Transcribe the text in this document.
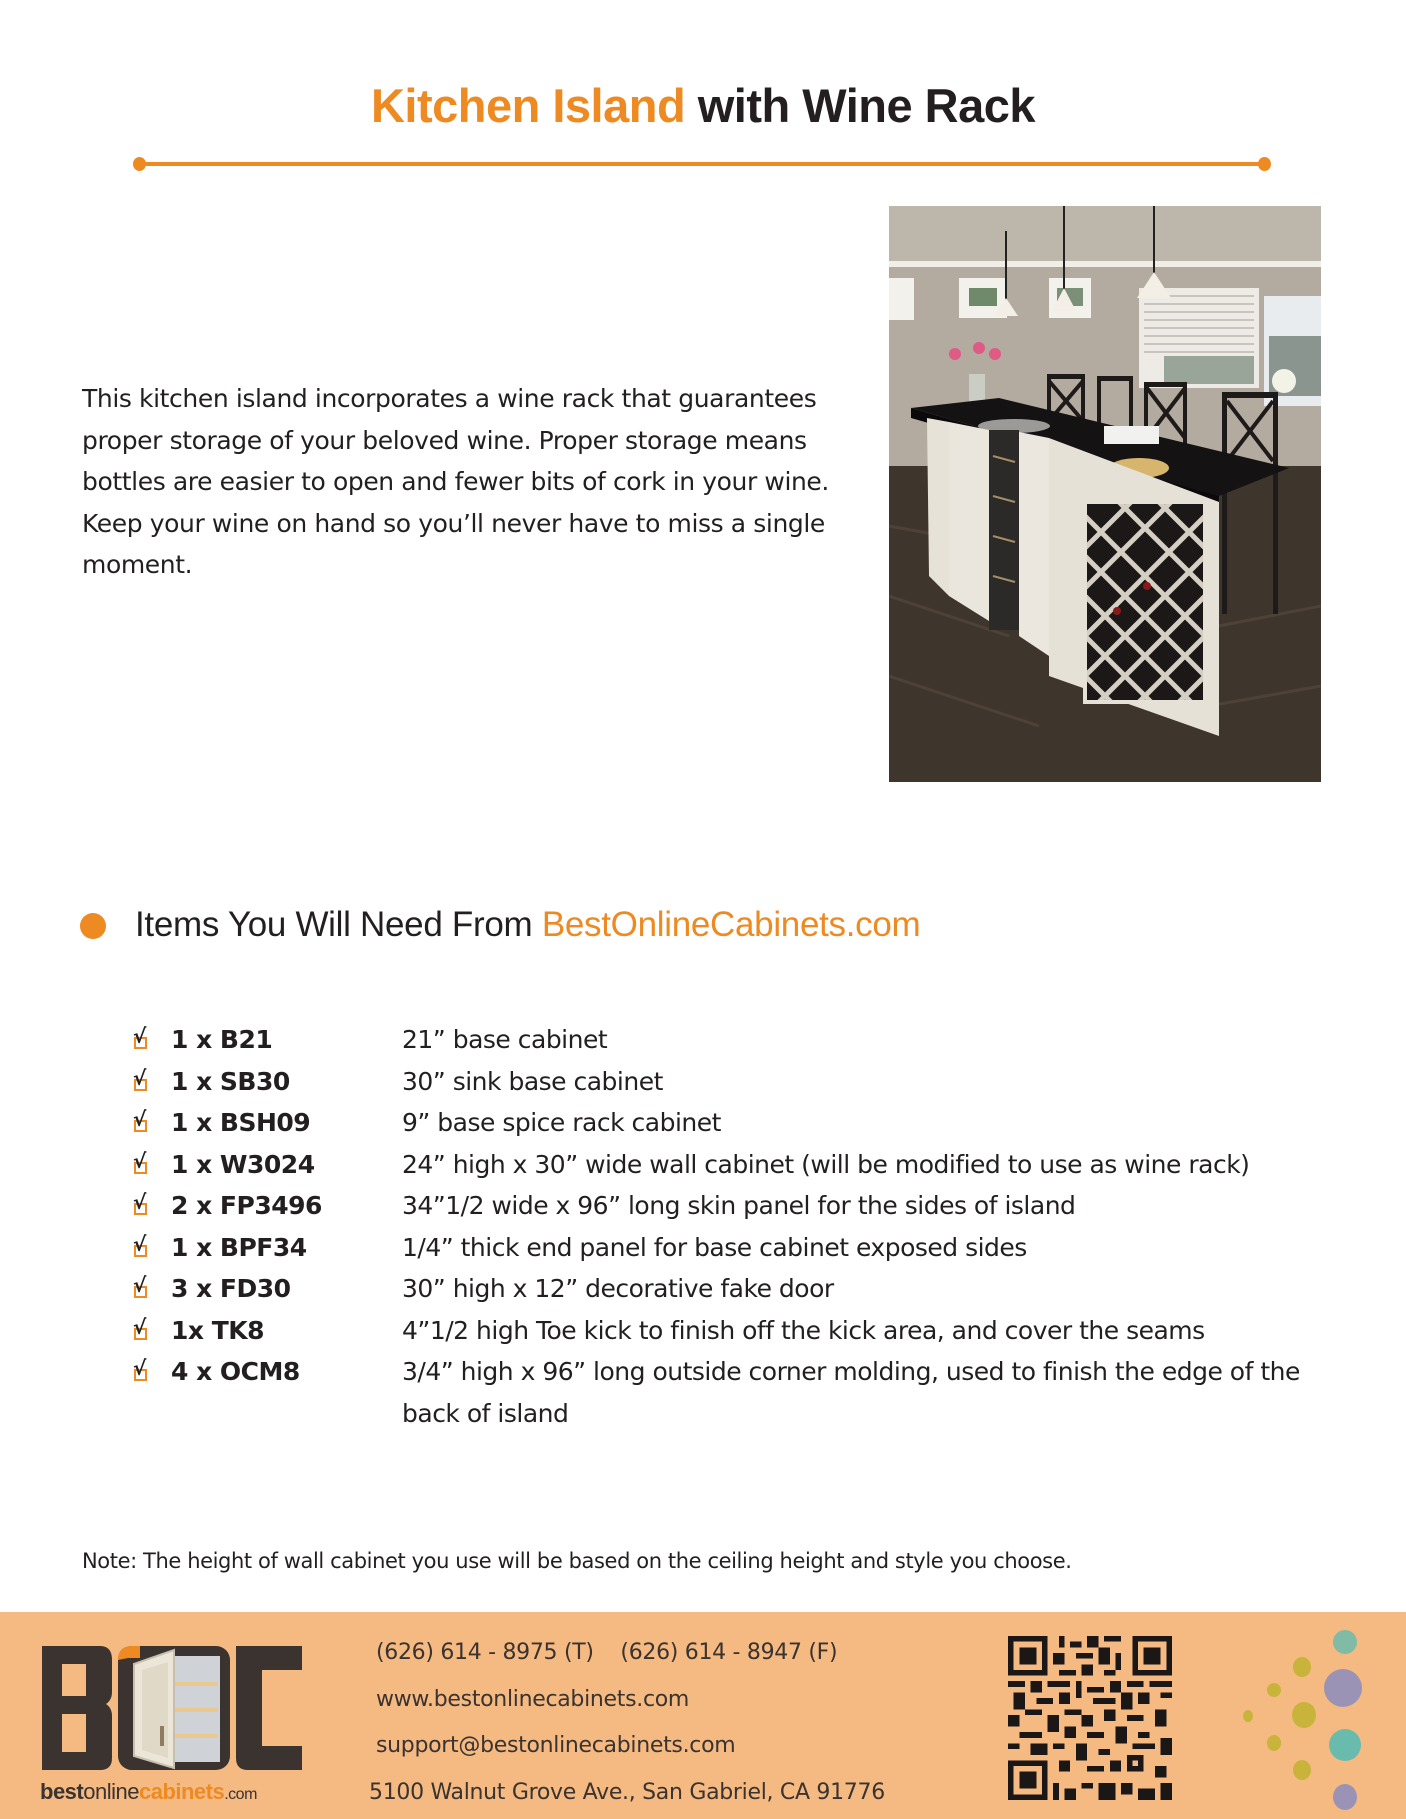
Kitchen Island with Wine Rack

This kitchen island incorporates a wine rack that guarantees proper storage of your beloved wine. Proper storage means bottles are easier to open and fewer bits of cork in your wine. Keep your wine on hand so you’ll never have to miss a single moment.

Items You Will Need From BestOnlineCabinets.com
√ 1 x B21	21” base cabinet
√ 1 x SB30	30” sink base cabinet
√ 1 x BSH09	9” base spice rack cabinet
√ 1 x W3024	24” high x 30” wide wall cabinet (will be modified to use as wine rack)
√ 2 x FP3496	34”1/2 wide x 96” long skin panel for the sides of island
√ 1 x BPF34	1/4” thick end panel for base cabinet exposed sides
√ 3 x FD30	30” high x 12” decorative fake door
√ 1x TK8	4”1/2 high Toe kick to finish off the kick area, and cover the seams
√ 4 x OCM8	3/4” high x 96” long outside corner molding, used to finish the edge of the back of island

Note: The height of wall cabinet you use will be based on the ceiling height and style you choose.

bestonlinecabinets.com
(626) 614 - 8975 (T)    (626) 614 - 8947 (F)
www.bestonlinecabinets.com
support@bestonlinecabinets.com
5100 Walnut Grove Ave., San Gabriel, CA 91776
